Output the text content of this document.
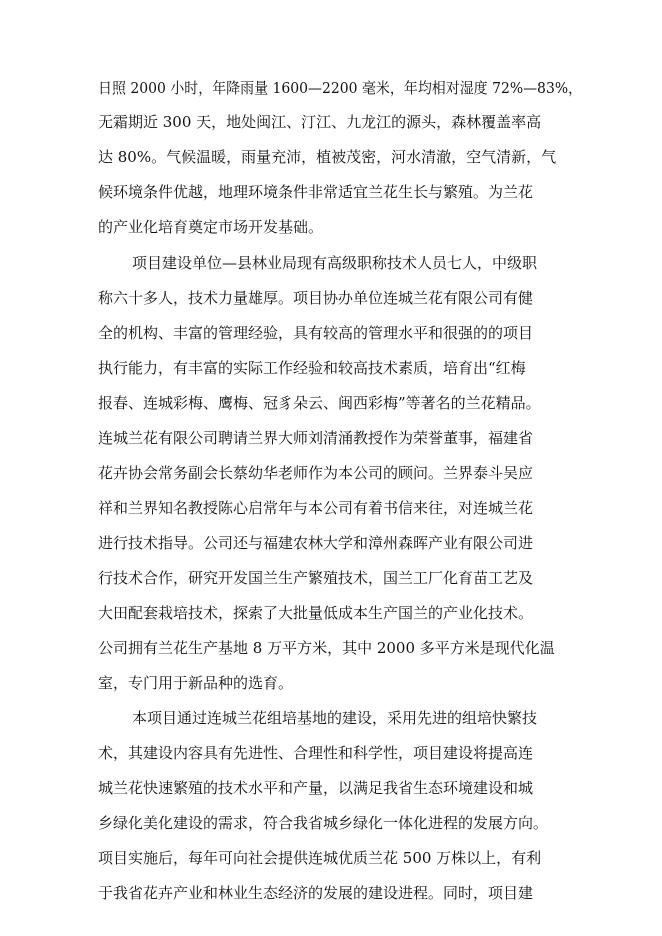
日照 2000 小时，年降雨量 1600—2200 毫米，年均相对湿度 72%—83%，
无霜期近 300 天，地处闽江、汀江、九龙江的源头，森林覆盖率高
达 80%。气候温暖，雨量充沛，植被茂密，河水清澈，空气清新，气
候环境条件优越，地理环境条件非常适宜兰花生长与繁殖。为兰花
的产业化培育奠定市场开发基础。
项目建设单位—县林业局现有高级职称技术人员七人，中级职
称六十多人，技术力量雄厚。项目协办单位连城兰花有限公司有健
全的机构、丰富的管理经验，具有较高的管理水平和很强的的项目
执行能力，有丰富的实际工作经验和较高技术素质，培育出“红梅
报春、连城彩梅、鹰梅、冠豸朵云、闽西彩梅”等著名的兰花精品。
连城兰花有限公司聘请兰界大师刘清涌教授作为荣誉董事，福建省
花卉协会常务副会长蔡幼华老师作为本公司的顾问。兰界泰斗吴应
祥和兰界知名教授陈心启常年与本公司有着书信来往，对连城兰花
进行技术指导。公司还与福建农林大学和漳州森晖产业有限公司进
行技术合作，研究开发国兰生产繁殖技术，国兰工厂化育苗工艺及
大田配套栽培技术，探索了大批量低成本生产国兰的产业化技术。
公司拥有兰花生产基地 8 万平方米，其中 2000 多平方米是现代化温
室，专门用于新品种的选育。
本项目通过连城兰花组培基地的建设，采用先进的组培快繁技
术，其建设内容具有先进性、合理性和科学性，项目建设将提高连
城兰花快速繁殖的技术水平和产量，以满足我省生态环境建设和城
乡绿化美化建设的需求，符合我省城乡绿化一体化进程的发展方向。
项目实施后，每年可向社会提供连城优质兰花 500 万株以上，有利
于我省花卉产业和林业生态经济的发展的建设进程。同时，项目建
